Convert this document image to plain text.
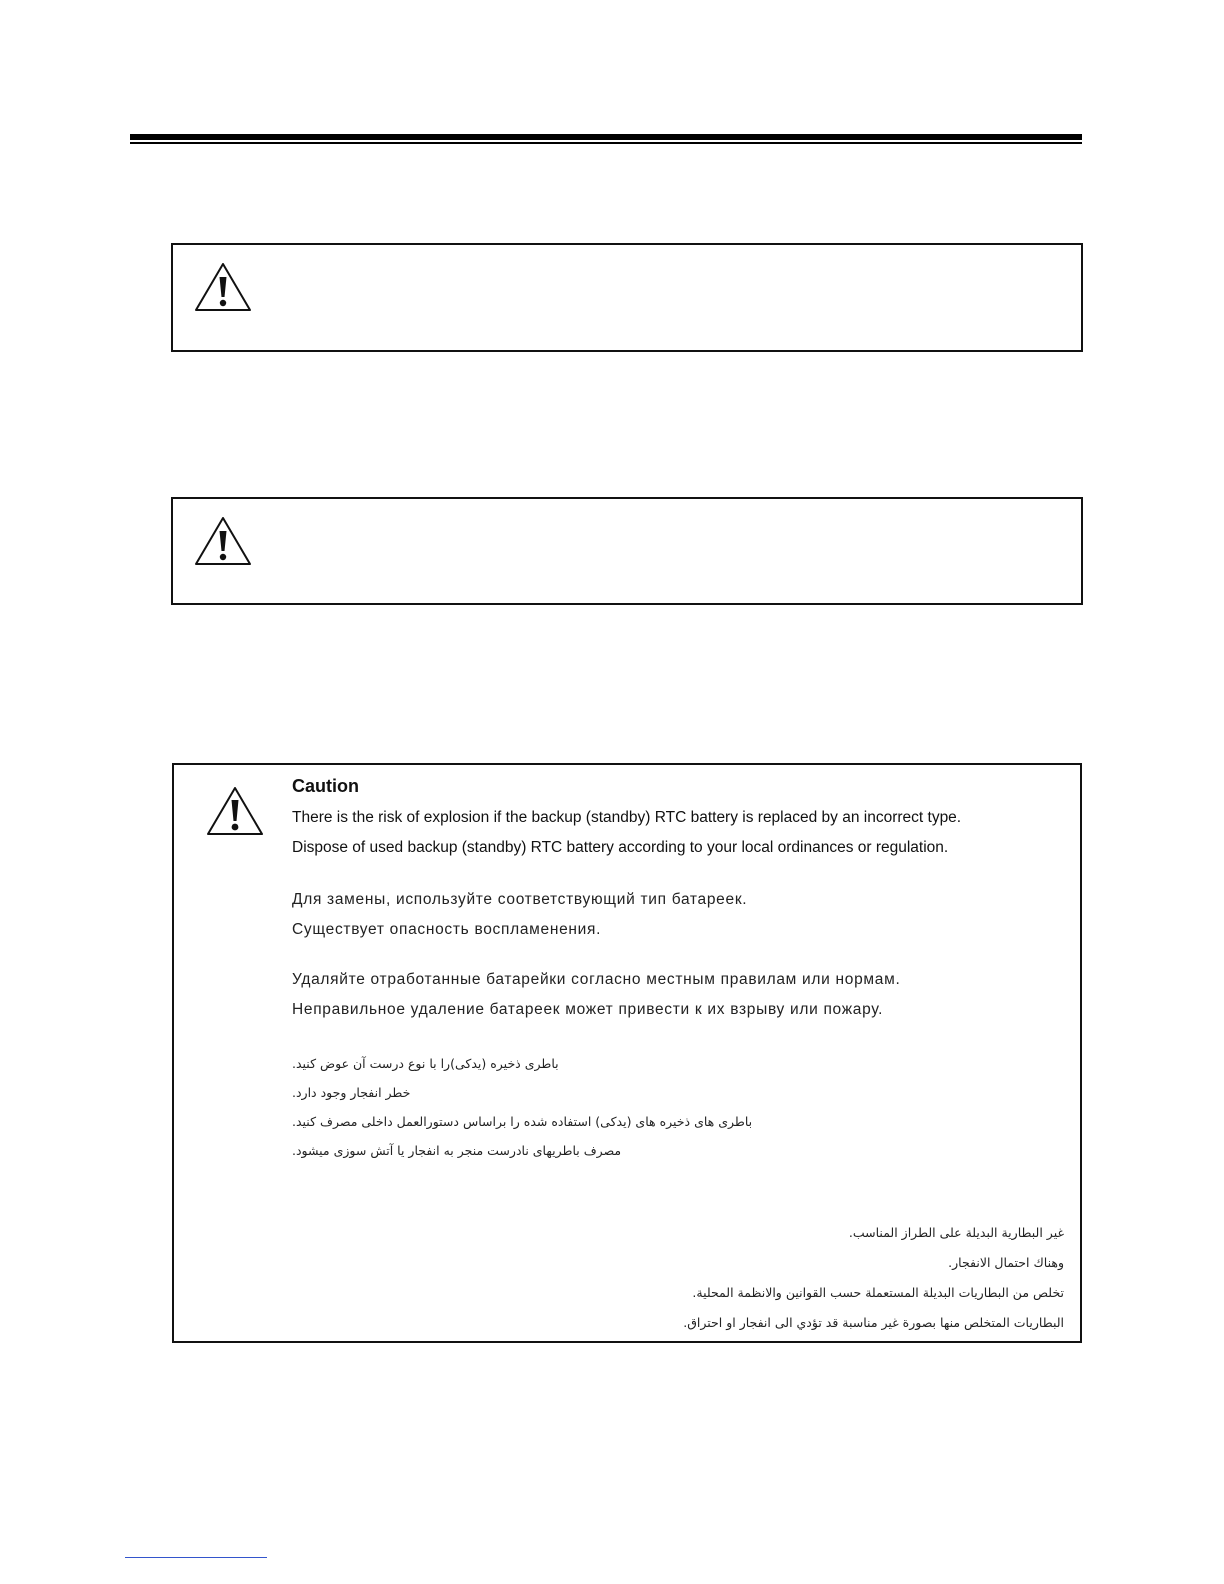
Caution

There is the risk of explosion if the backup (standby) RTC battery is replaced by an incorrect type.

Dispose of used backup (standby) RTC battery according to your local ordinances or regulation.

Для замены, используйте соответствующий тип батареек.

Существует опасность воспламенения.

Удаляйте отработанные батарейки согласно местным правилам или нормам.

Неправильное удаление батареек может привести к их взрыву или пожару.

باطری ذخیره (یدکی)را با نوع درست آن عوض کنید.

خطر انفجار وجود دارد.

باطری های ذخیره های (یدکی) استفاده شده را براساس دستورالعمل داخلی مصرف کنید.

مصرف باطریهای نادرست منجر به انفجار یا آتش سوزی میشود.

غير البطارية البديلة على الطراز المناسب.

وهناك احتمال الانفجار.

تخلص من البطاريات البديلة المستعملة حسب القوانين والانظمة المحلية.

البطاريات المتخلص منها بصورة غير مناسبة قد تؤدي الى انفجار او احتراق.
